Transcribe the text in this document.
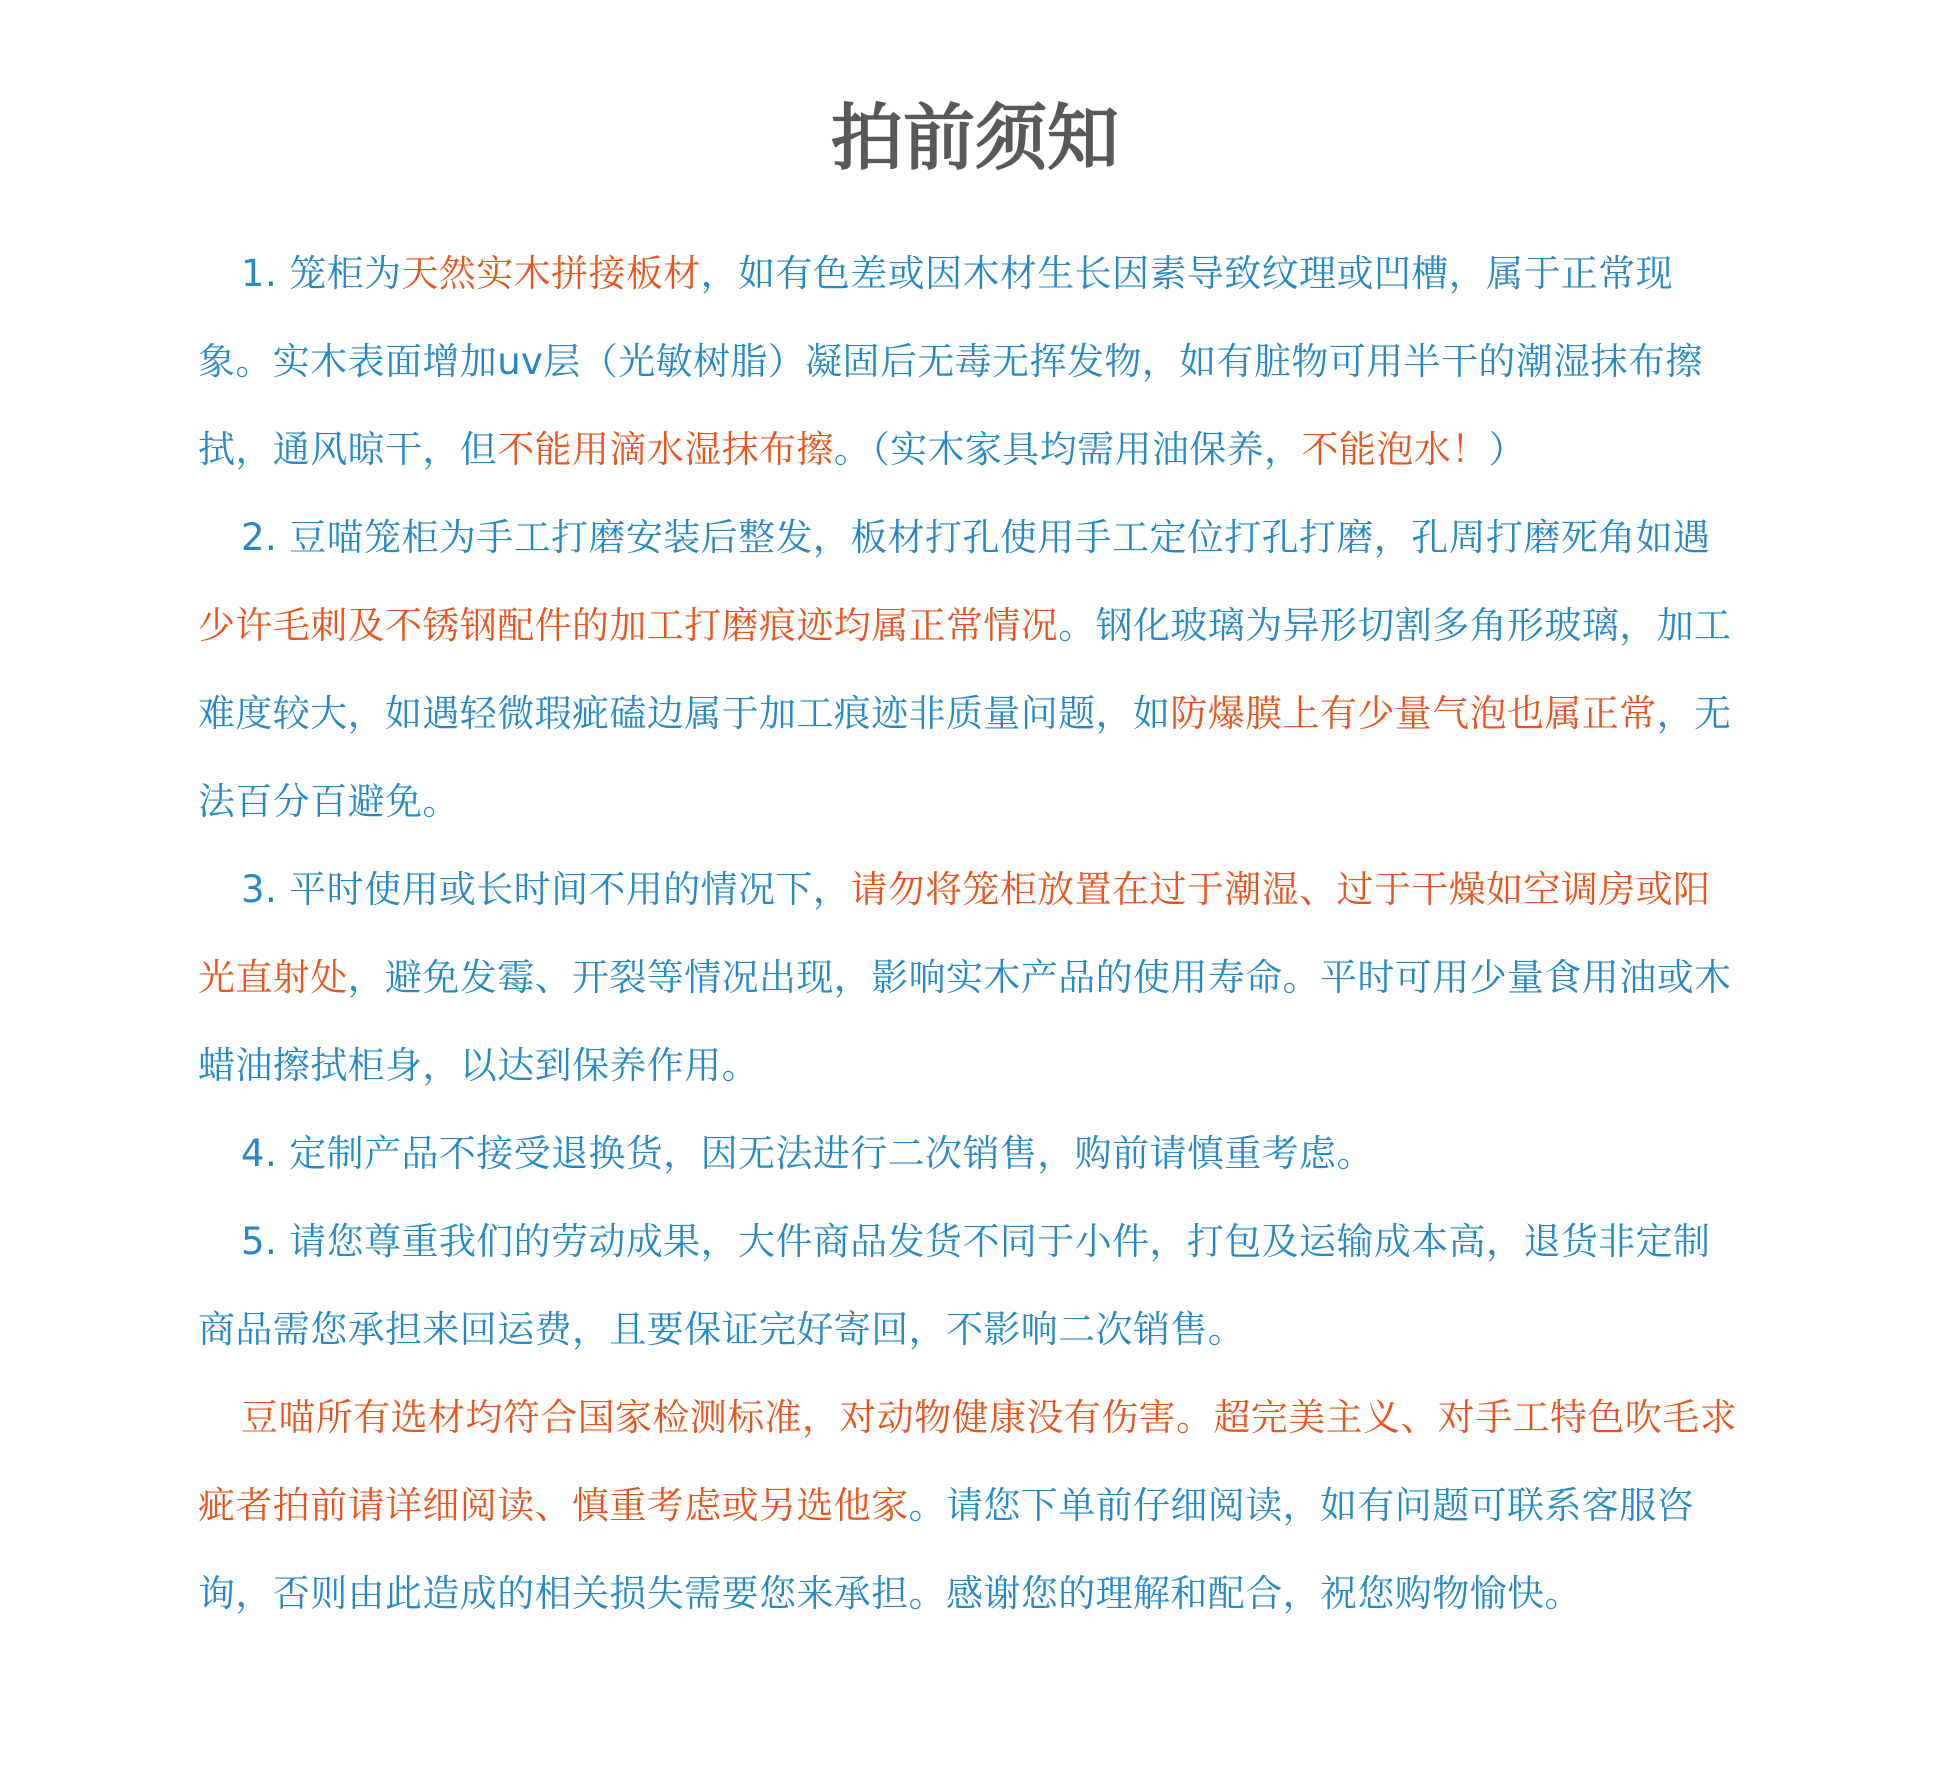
拍前须知

1. 笼柜为天然实木拼接板材，如有色差或因木材生长因素导致纹理或凹槽，属于正常现象。实木表面增加uv层（光敏树脂）凝固后无毒无挥发物，如有脏物可用半干的潮湿抹布擦拭，通风晾干，但不能用滴水湿抹布擦。（实木家具均需用油保养，不能泡水！）

2. 豆喵笼柜为手工打磨安装后整发，板材打孔使用手工定位打孔打磨，孔周打磨死角如遇少许毛刺及不锈钢配件的加工打磨痕迹均属正常情况。钢化玻璃为异形切割多角形玻璃，加工难度较大，如遇轻微瑕疵磕边属于加工痕迹非质量问题，如防爆膜上有少量气泡也属正常，无法百分百避免。

3. 平时使用或长时间不用的情况下，请勿将笼柜放置在过于潮湿、过于干燥如空调房或阳光直射处，避免发霉、开裂等情况出现，影响实木产品的使用寿命。平时可用少量食用油或木蜡油擦拭柜身，以达到保养作用。

4. 定制产品不接受退换货，因无法进行二次销售，购前请慎重考虑。

5. 请您尊重我们的劳动成果，大件商品发货不同于小件，打包及运输成本高，退货非定制商品需您承担来回运费，且要保证完好寄回，不影响二次销售。

豆喵所有选材均符合国家检测标准，对动物健康没有伤害。超完美主义、对手工特色吹毛求疵者拍前请详细阅读、慎重考虑或另选他家。请您下单前仔细阅读，如有问题可联系客服咨询，否则由此造成的相关损失需要您来承担。感谢您的理解和配合，祝您购物愉快。
